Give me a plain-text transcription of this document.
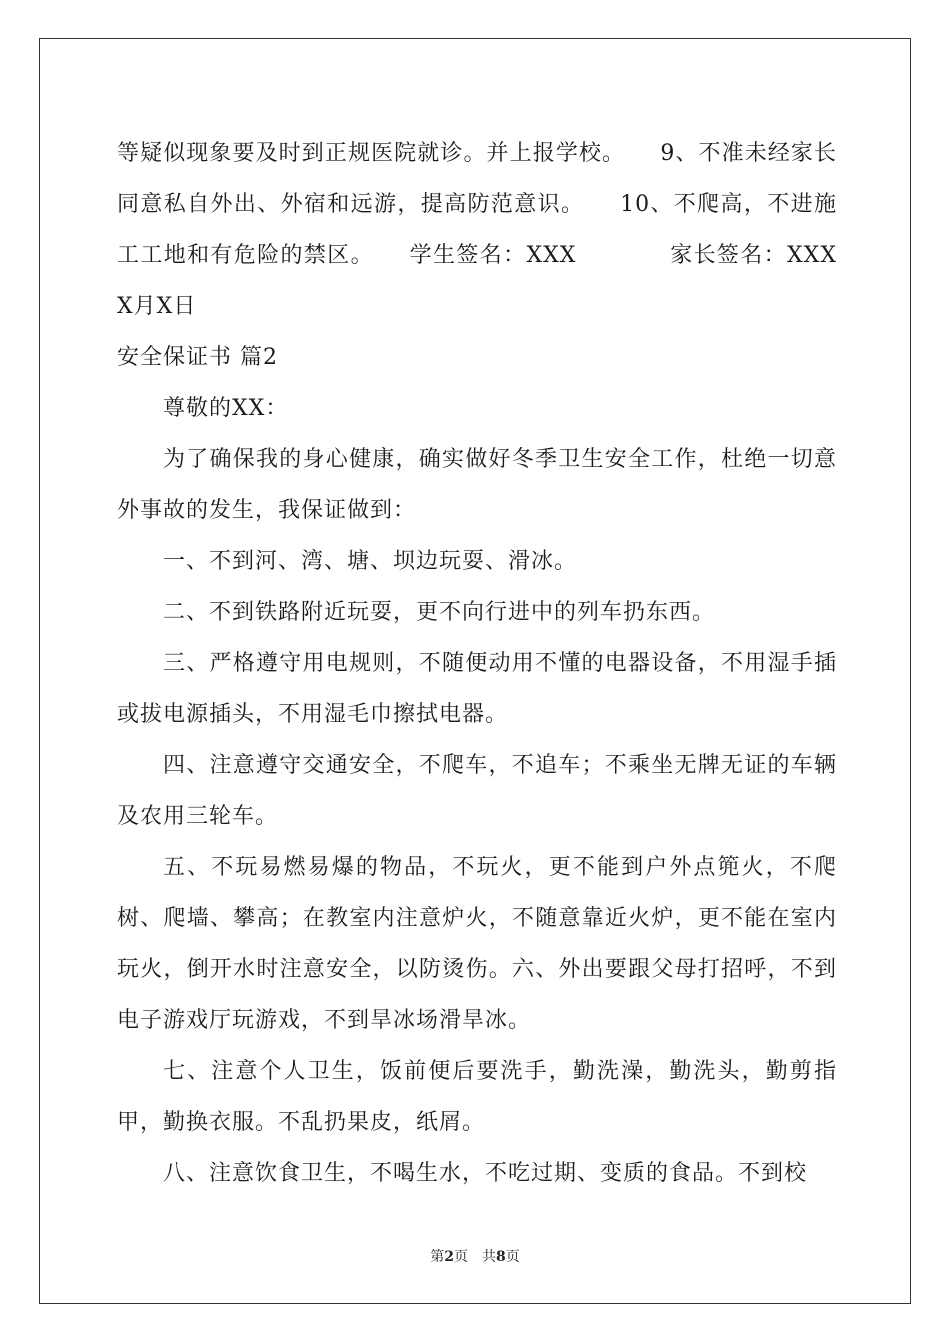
等疑似现象要及时到正规医院就诊。并上报学校。　　9、不准未经家长同意私自外出、外宿和远游，提高防范意识。　　10、不爬高，不进施工工地和有危险的禁区。　　学生签名：XXX　　　　家长签名：XXX　　X月X日

安全保证书 篇2

尊敬的XX：

为了确保我的身心健康，确实做好冬季卫生安全工作，杜绝一切意外事故的发生，我保证做到：

一、不到河、湾、塘、坝边玩耍、滑冰。

二、不到铁路附近玩耍，更不向行进中的列车扔东西。

三、严格遵守用电规则，不随便动用不懂的电器设备，不用湿手插或拔电源插头，不用湿毛巾擦拭电器。

四、注意遵守交通安全，不爬车，不追车；不乘坐无牌无证的车辆及农用三轮车。

五、不玩易燃易爆的物品，不玩火，更不能到户外点篼火，不爬树、爬墙、攀高；在教室内注意炉火，不随意靠近火炉，更不能在室内玩火，倒开水时注意安全，以防烫伤。六、外出要跟父母打招呼，不到电子游戏厅玩游戏，不到旱冰场滑旱冰。

七、注意个人卫生，饭前便后要洗手，勤洗澡，勤洗头，勤剪指甲，勤换衣服。不乱扔果皮，纸屑。

八、注意饮食卫生，不喝生水，不吃过期、变质的食品。不到校

第2页　共8页
